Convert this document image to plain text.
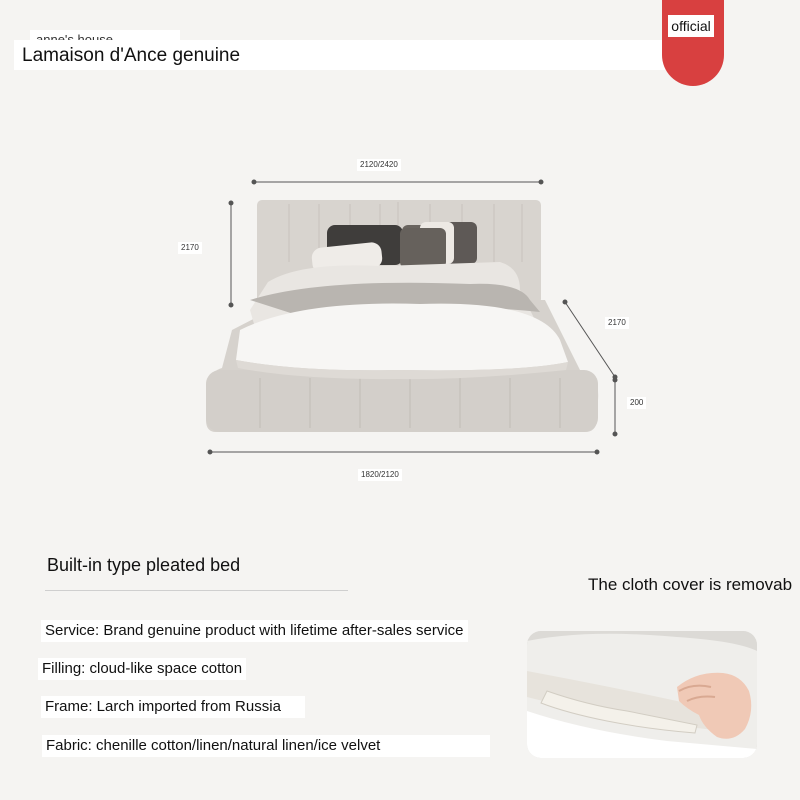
Lamaison d'Ance genuine
official
2120/2420
2170
2170
200
1820/2120
Built-in type pleated bed
The cloth cover is removab
Service: Brand genuine product with lifetime after-sales service
Filling: cloud-like space cotton
Frame: Larch imported from Russia
Fabric: chenille cotton/linen/natural linen/ice velvet
